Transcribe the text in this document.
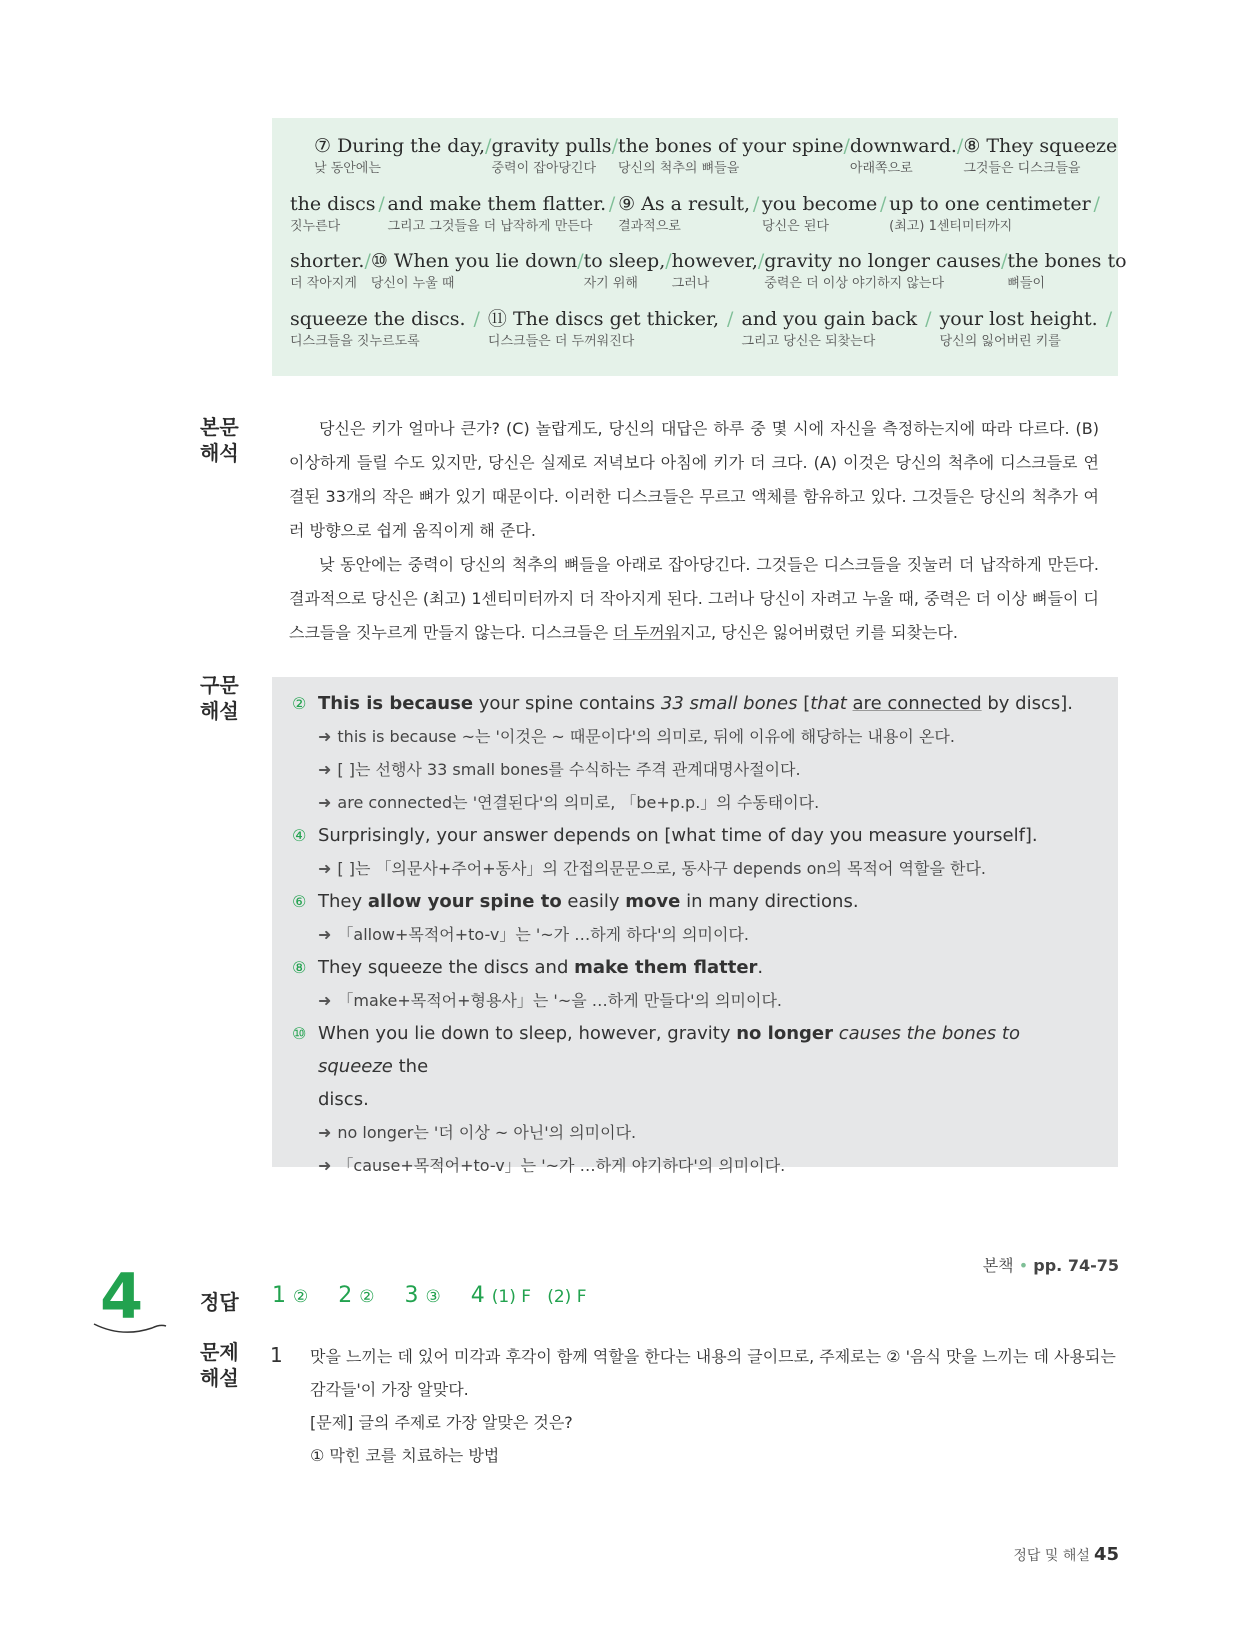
⑦ During the day,
낮 동안에는
/ gravity pulls
중력이 잡아당긴다
/ the bones of your spine
당신의 척추의 뼈들을
/ downward.
아래쪽으로
/ ⑧ They squeeze
그것들은 디스크들을
the discs
짓누른다
/ and make them flatter.
그리고 그것들을 더 납작하게 만든다
/ ⑨ As a result,
결과적으로
/ you become
당신은 된다
/ up to one centimeter
(최고) 1센티미터까지
/
shorter.
더 작아지게
/ ⑩ When you lie down
당신이 누울 때
/ to sleep,
자기 위해
/ however,
그러나
/ gravity no longer causes
중력은 더 이상 야기하지 않는다
/ the bones to
뼈들이
squeeze the discs.
디스크들을 짓누르도록
/ ⑪ The discs get thicker,
디스크들은 더 두꺼워진다
/ and you gain back
그리고 당신은 되찾는다
/ your lost height.
당신의 잃어버린 키를
/
본문
해석

당신은 키가 얼마나 큰가? (C) 놀랍게도, 당신의 대답은 하루 중 몇 시에 자신을 측정하는지에 따라 다르다. (B) 이상하게 들릴 수도 있지만, 당신은 실제로 저녁보다 아침에 키가 더 크다. (A) 이것은 당신의 척추에 디스크들로 연결된 33개의 작은 뼈가 있기 때문이다. 이러한 디스크들은 무르고 액체를 함유하고 있다. 그것들은 당신의 척추가 여러 방향으로 쉽게 움직이게 해 준다.

낮 동안에는 중력이 당신의 척추의 뼈들을 아래로 잡아당긴다. 그것들은 디스크들을 짓눌러 더 납작하게 만든다. 결과적으로 당신은 (최고) 1센티미터까지 더 작아지게 된다. 그러나 당신이 자려고 누울 때, 중력은 더 이상 뼈들이 디스크들을 짓누르게 만들지 않는다. 디스크들은 더 두꺼워지고, 당신은 잃어버렸던 키를 되찾는다.

구문
해설	② This is because your spine contains 33 small bones [that are connected by discs].
➜ this is because ~는 '이것은 ~ 때문이다'의 의미로, 뒤에 이유에 해당하는 내용이 온다.
➜ [ ]는 선행사 33 small bones를 수식하는 주격 관계대명사절이다.
➜ are connected는 '연결된다'의 의미로, 「be+p.p.」의 수동태이다.
④ Surprisingly, your answer depends on [what time of day you measure yourself].
➜ [ ]는 「의문사+주어+동사」의 간접의문문으로, 동사구 depends on의 목적어 역할을 한다.
⑥ They allow your spine to easily move in many directions.
➜ 「allow+목적어+to-v」는 '~가 …하게 하다'의 의미이다.
⑧ They squeeze the discs and make them flatter.
➜ 「make+목적어+형용사」는 '~을 …하게 만들다'의 의미이다.
⑩ When you lie down to sleep, however, gravity no longer causes the bones to squeeze the
discs.
➜ no longer는 '더 이상 ~ 아닌'의 의미이다.
➜ 「cause+목적어+to-v」는 '~가 …하게 야기하다'의 의미이다.
본책 • pp. 74-75
4	정답 1 ② 2 ② 3 ③ 4 (1) F   (2) F
문제
해설
1 맛을 느끼는 데 있어 미각과 후각이 함께 역할을 한다는 내용의 글이므로, 주제로는 ② '음식 맛을 느끼는 데 사용되는 감각들'이 가장 알맞다.
[문제] 글의 주제로 가장 알맞은 것은?
① 막힌 코를 치료하는 방법
정답 및 해설 45
